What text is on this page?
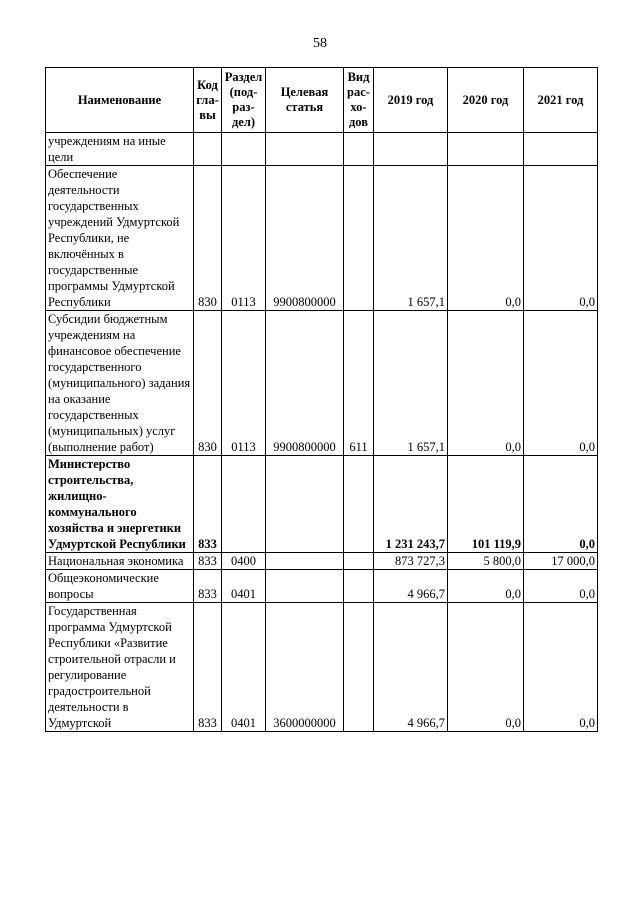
58
Наименование	Код гла- вы	Раздел (под- раз- дел)	Целевая статья	Вид рас- хо- дов	2019 год	2020 год	2021 год
учреждениям на иные цели							
Обеспечение деятельности государственных учреждений Удмуртской Республики, не включённых в государственные программы Удмуртской Республики	830	0113	9900800000		1 657,1	0,0	0,0
Субсидии бюджетным учреждениям на финансовое обеспечение государственного (муниципального) задания на оказание государственных (муниципальных) услуг (выполнение работ)	830	0113	9900800000	611	1 657,1	0,0	0,0
Министерство строительства, жилищно- коммунального хозяйства и энергетики Удмуртской Республики	833				1 231 243,7	101 119,9	0,0
Национальная экономика	833	0400			873 727,3	5 800,0	17 000,0
Общеэкономические вопросы	833	0401			4 966,7	0,0	0,0
Государственная программа Удмуртской Республики «Развитие строительной отрасли и регулирование градостроительной деятельности в Удмуртской	833	0401	3600000000		4 966,7	0,0	0,0
